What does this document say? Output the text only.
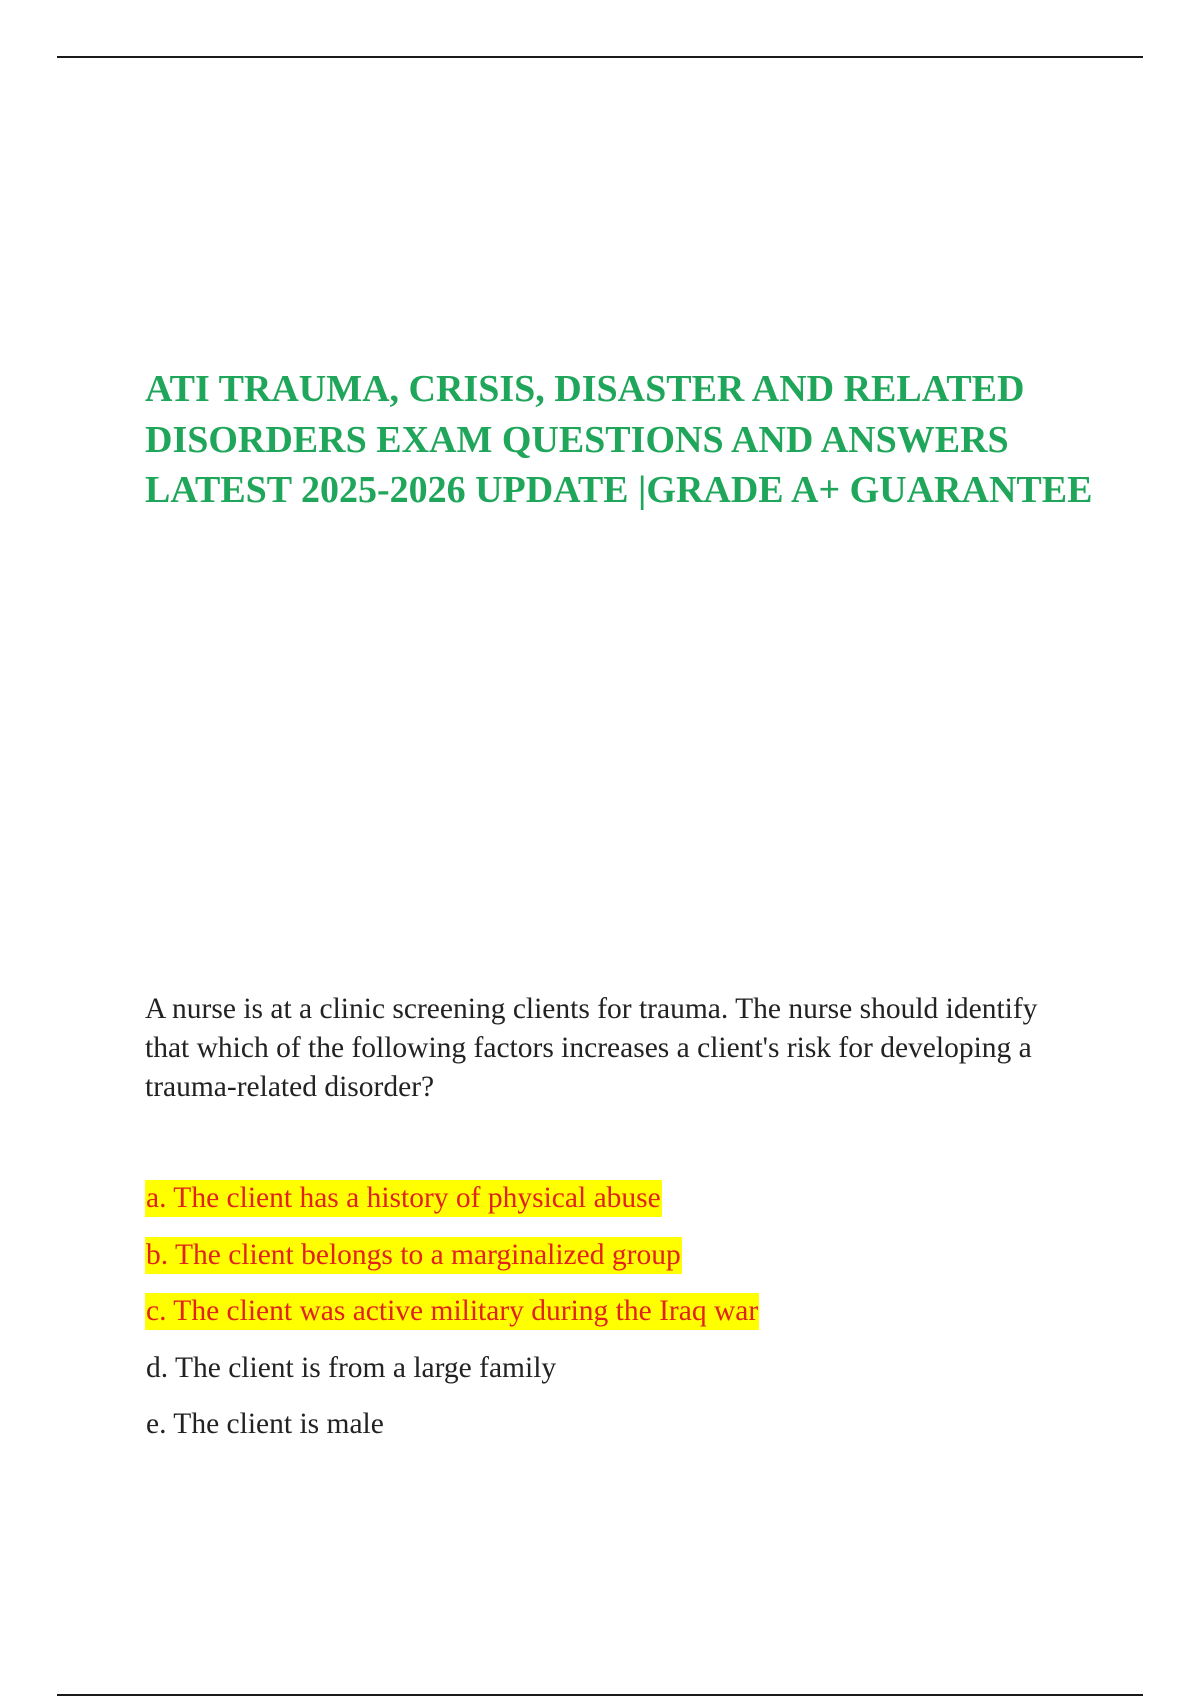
ATI TRAUMA, CRISIS, DISASTER AND RELATED DISORDERS EXAM QUESTIONS AND ANSWERS LATEST 2025-2026 UPDATE |GRADE A+ GUARANTEE

A nurse is at a clinic screening clients for trauma. The nurse should identify that which of the following factors increases a client's risk for developing a trauma-related disorder?

a. The client has a history of physical abuse
b. The client belongs to a marginalized group
c. The client was active military during the Iraq war
d. The client is from a large family
e. The client is male
